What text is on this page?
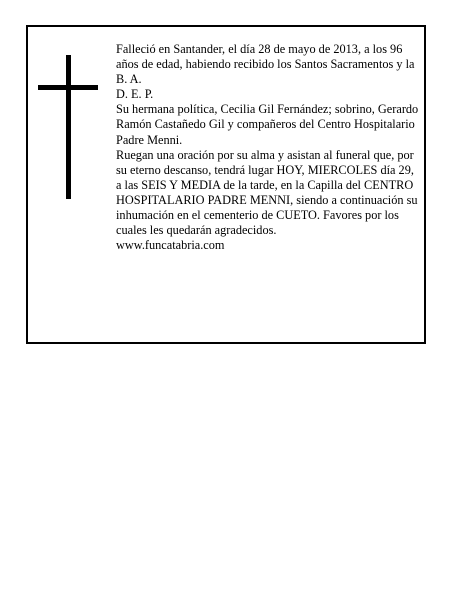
Falleció en Santander, el día 28 de mayo de 2013, a los 96 años de edad, habiendo recibido los Santos Sacramentos y la B. A.

D. E. P.

Su hermana política, Cecilia Gil Fernández; sobrino, Gerardo Ramón Castañedo Gil y compañeros del Centro Hospitalario Padre Menni.

Ruegan una oración por su alma y asistan al funeral que, por su eterno descanso, tendrá lugar HOY, MIERCOLES día 29, a las SEIS Y MEDIA de la tarde, en la Capilla del CENTRO HOSPITALARIO PADRE MENNI, siendo a continuación su inhumación en el cementerio de CUETO. Favores por los cuales les quedarán agradecidos.

www.funcatabria.com
